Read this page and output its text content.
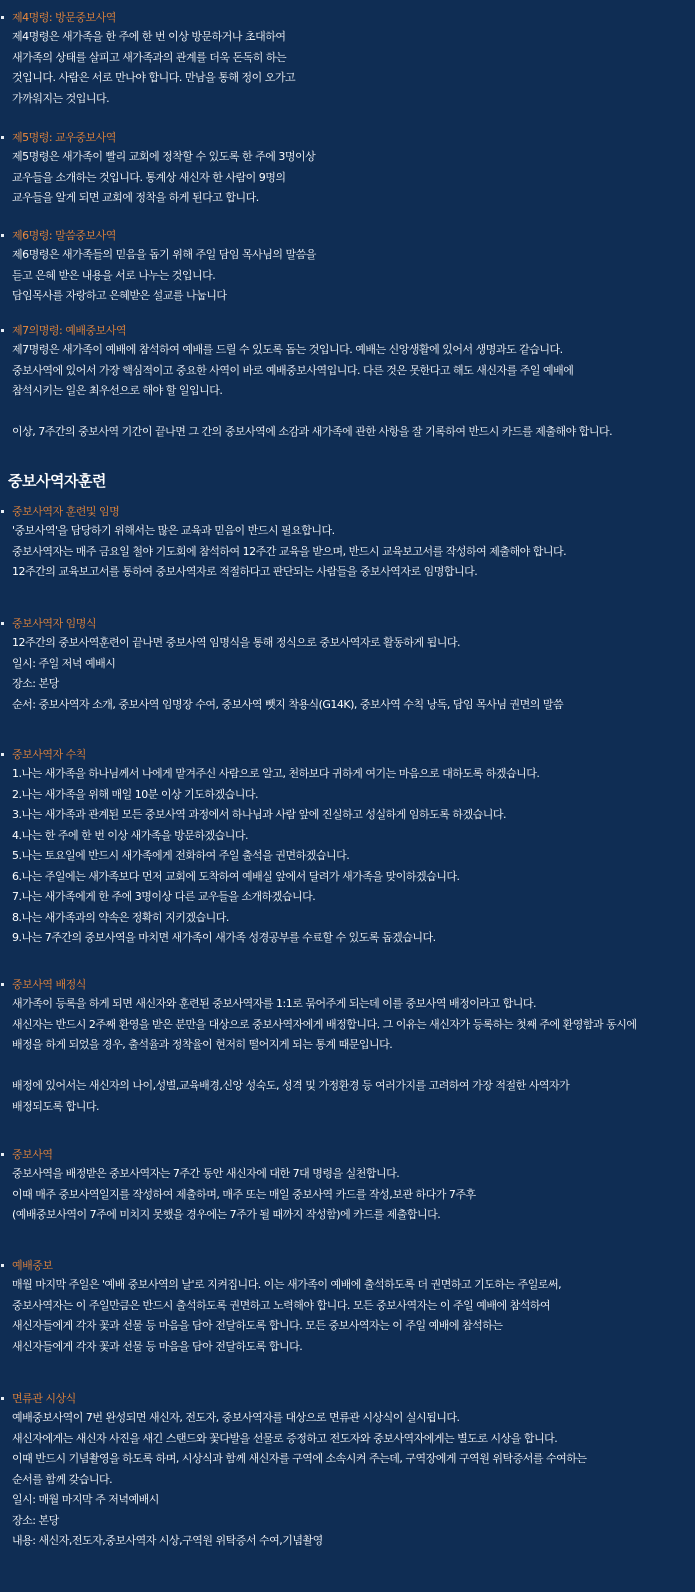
제4명령: 방문중보사역
제4명령은 새가족을 한 주에 한 번 이상 방문하거나 초대하여
새가족의 상태를 살피고 새가족과의 관계를 더욱 돈독히 하는
것입니다. 사람은 서로 만나야 합니다. 만남을 통해 정이 오가고
가까워지는 것입니다.
제5명령: 교우중보사역
제5명령은 새가족이 빨리 교회에 정착할 수 있도록 한 주에 3명이상
교우들을 소개하는 것입니다. 통계상 새신자 한 사람이 9명의
교우들을 알게 되면 교회에 정착을 하게 된다고 합니다.
제6명령: 말씀중보사역
제6명령은 새가족들의 믿음을 돕기 위해 주일 담임 목사님의 말씀을
듣고 은혜 받은 내용을 서로 나누는 것입니다.
담임목사를 자랑하고 은혜받은 설교를 나눕니다
제7의명령: 예배중보사역
제7명령은 새가족이 예배에 참석하여 예배를 드릴 수 있도록 돕는 것입니다. 예배는 신앙생활에 있어서 생명과도 같습니다.
중보사역에 있어서 가장 핵심적이고 중요한 사역이 바로 예배중보사역입니다. 다른 것은 못한다고 해도 새신자를 주일 예배에
참석시키는 일은 최우선으로 해야 할 일입니다.
이상, 7주간의 중보사역 기간이 끝나면 그 간의 중보사역에 소감과 새가족에 관한 사항을 잘 기록하여 반드시 카드를 제출해야 합니다.
중보사역자훈련
중보사역자 훈련및 임명
'중보사역'을 담당하기 위해서는 많은 교육과 믿음이 반드시 필요합니다.
중보사역자는 매주 금요일 철야 기도회에 참석하여 12주간 교육을 받으며, 반드시 교육보고서를 작성하여 제출해야 합니다.
12주간의 교육보고서를 통하여 중보사역자로 적절하다고 판단되는 사람들을 중보사역자로 임명합니다.
중보사역자 임명식
12주간의 중보사역훈련이 끝나면 중보사역 임명식을 통해 정식으로 중보사역자로 활동하게 됩니다.
일시: 주일 저녁 예배시
장소: 본당
순서: 중보사역자 소개, 중보사역 임명장 수여, 중보사역 뺏지 착용식(G14K), 중보사역 수칙 낭독, 담임 목사님 권면의 말씀
중보사역자 수칙
1.나는 새가족을 하나님께서 나에게 맡겨주신 사람으로 알고, 천하보다 귀하게 여기는 마음으로 대하도록 하겠습니다.
2.나는 새가족을 위해 매일 10분 이상 기도하겠습니다.
3.나는 새가족과 관계된 모든 중보사역 과정에서 하나님과 사람 앞에 진실하고 성실하게 임하도록 하겠습니다.
4.나는 한 주에 한 번 이상 새가족을 방문하겠습니다.
5.나는 토요일에 반드시 새가족에게 전화하여 주일 출석을 권면하겠습니다.
6.나는 주일에는 새가족보다 먼저 교회에 도착하여 예배실 앞에서 달려가 새가족을 맞이하겠습니다.
7.나는 새가족에게 한 주에 3명이상 다른 교우들을 소개하겠습니다.
8.나는 새가족과의 약속은 정확히 지키겠습니다.
9.나는 7주간의 중보사역을 마치면 새가족이 새가족 성경공부를 수료할 수 있도록 돕겠습니다.
중보사역 배정식
새가족이 등록을 하게 되면 새신자와 훈련된 중보사역자를 1:1로 묶어주게 되는데 이를 중보사역 배정이라고 합니다.
새신자는 반드시 2주째 환영을 받은 분만을 대상으로 중보사역자에게 배정합니다. 그 이유는 새신자가 등록하는 첫째 주에 환영함과 동시에
배정을 하게 되었을 경우, 출석율과 정착율이 현저히 떨어지게 되는 통계 때문입니다.
배정에 있어서는 새신자의 나이,성별,교육배경,신앙 성숙도, 성격 및 가정환경 등 여러가지를 고려하여 가장 적절한 사역자가
배정되도록 합니다.
중보사역
중보사역을 배정받은 중보사역자는 7주간 동안 새신자에 대한 7대 명령을 실천합니다.
이때 매주 중보사역일지를 작성하여 제출하며, 매주 또는 매일 중보사역 카드를 작성,보관 하다가 7주후
(예배중보사역이 7주에 미치지 못했을 경우에는 7주가 될 때까지 작성함)에 카드를 제출합니다.
예배중보
매월 마지막 주일은 '예배 중보사역의 날'로 지켜집니다. 이는 새가족이 예배에 출석하도록 더 권면하고 기도하는 주일로써,
중보사역자는 이 주일만큼은 반드시 출석하도록 권면하고 노력해야 합니다. 모든 중보사역자는 이 주일 예배에 참석하여
새신자들에게 각자 꽃과 선물 등 마음을 담아 전달하도록 합니다. 모든 중보사역자는 이 주일 예배에 참석하는
새신자들에게 각자 꽃과 선물 등 마음을 담아 전달하도록 합니다.
면류관 시상식
예배중보사역이 7번 완성되면 새신자, 전도자, 중보사역자를 대상으로 면류관 시상식이 실시됩니다.
새신자에게는 새신자 사진을 새긴 스탠드와 꽃다발을 선물로 증정하고 전도자와 중보사역자에게는 별도로 시상을 합니다.
이때 반드시 기념촬영을 하도록 하며, 시상식과 함께 새신자를 구역에 소속시켜 주는데, 구역장에게 구역원 위탁증서를 수여하는
순서를 함께 갖습니다.
일시: 매월 마지막 주 저녁예배시
장소: 본당
내용: 새신자,전도자,중보사역자 시상,구역원 위탁증서 수여,기념촬영
